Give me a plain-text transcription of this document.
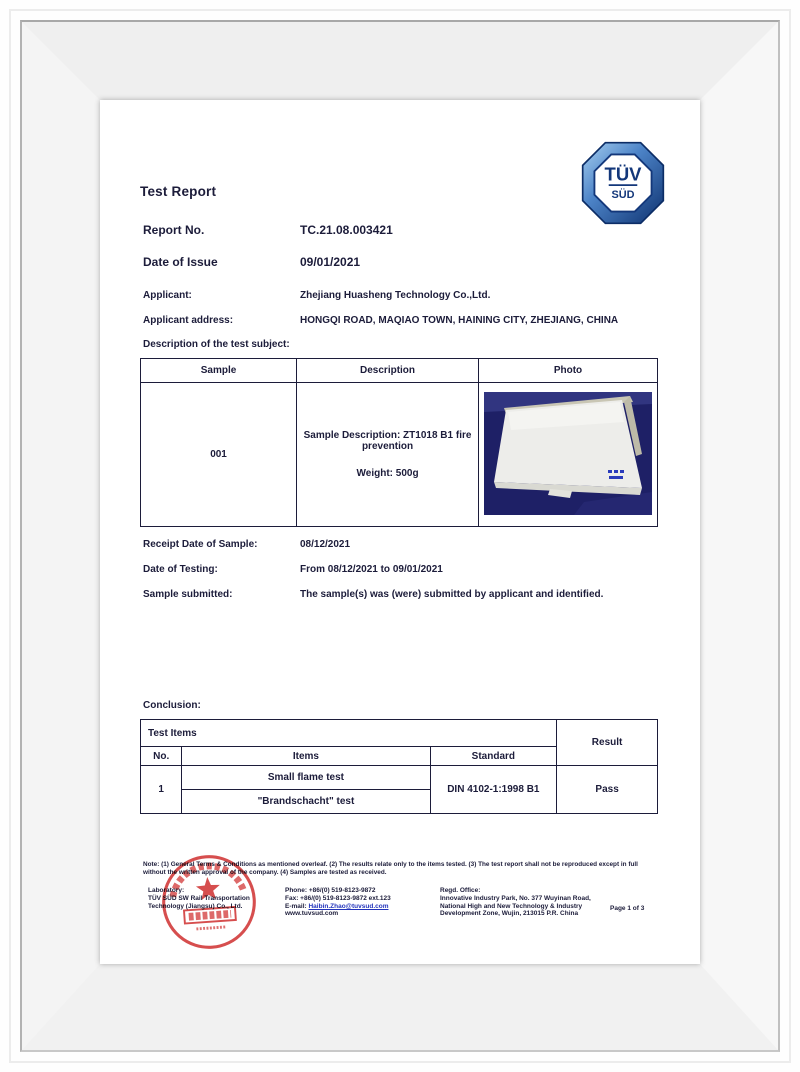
TÜV
SÜD
Test Report
Report No.	TC.21.08.003421
Date of Issue	09/01/2021
Applicant:	Zhejiang Huasheng Technology Co.,Ltd.
Applicant address:	HONGQI ROAD, MAQIAO TOWN, HAINING CITY, ZHEJIANG, CHINA
Description of the test subject:
Sample	Description	Photo
001	Sample Description: ZT1018 B1 fire prevention
Weight: 500g

Receipt Date of Sample:	08/12/2021
Date of Testing:	From 08/12/2021 to 09/01/2021
Sample submitted:	The sample(s) was (were) submitted by applicant and identified.
Conclusion:
Test Items			Result
No.	Items	Standard	
1	Small flame test	DIN 4102-1:1998 B1	Pass
	"Brandschacht" test		
Note: (1) General Terms & Conditions as mentioned overleaf. (2) The results relate only to the items tested. (3) The test report shall not be reproduced except in full without the written approval of the company. (4) Samples are tested as received.
Laboratory:
TÜV SÜD SW Rail Transportation Technology (Jiangsu) Co., Ltd.
Phone: +86/(0) 519-8123-9872
Fax: +86/(0) 519-8123-9872 ext.123
E-mail: Haibin.Zhao@tuvsud.com
www.tuvsud.com
Regd. Office:
Innovative Industry Park, No. 377 Wuyinan Road, National High and New Technology & Industry Development Zone, Wujin, 213015 P.R. China
Page 1 of 3
